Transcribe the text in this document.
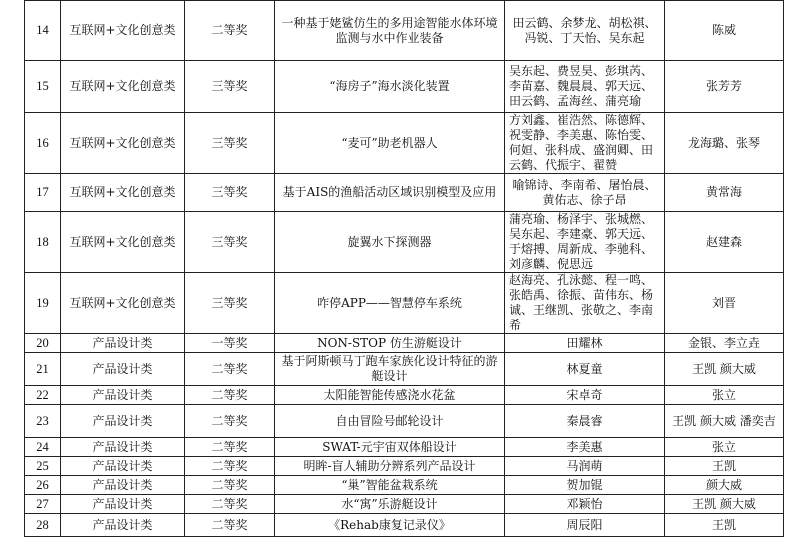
14	互联网+文化创意类	二等奖	一种基于姥鲨仿生的多用途智能水体环境监测与水中作业装备	田云鹤、余梦龙、胡松祺、冯锐、丁天怡、吴东起	陈威
15	互联网+文化创意类	三等奖	“海房子”海水淡化装置	吴东起、费昱昊、彭琪芮、李苗嘉、魏晨晨、郭天远、田云鹤、孟海丝、蒲亮瑜	张芳芳
16	互联网+文化创意类	三等奖	“麦可”助老机器人	方刘鑫、崔浩然、陈德辉、祝雯静、李美惠、陈怡雯、何姮、张科成、盛润卿、田云鹤、代振宇、翟赞	龙海璐、张琴
17	互联网+文化创意类	三等奖	基于AIS的渔船活动区域识别模型及应用	喻锦诗、李南希、屠怡晨、黄佑志、徐子昂	黄常海
18	互联网+文化创意类	三等奖	旋翼水下探测器	蒲亮瑜、杨泽宇、张城燃、吴东起、李建豪、郭天远、于熔搏、周新成、李驰科、刘彦麟、倪思远	赵建森
19	互联网+文化创意类	三等奖	咋停APP——智慧停车系统	赵海亮、孔泳懿、程一鸣、张皓禹、徐振、苗伟东、杨诚、王继凯、张敬之、李南希	刘晋
20	产品设计类	一等奖	NON-STOP 仿生游艇设计	田耀林	金银、李立垚
21	产品设计类	二等奖	基于阿斯顿马丁跑车家族化设计特征的游艇设计	林夏童	王凯 颜大威
22	产品设计类	二等奖	太阳能智能传感浇水花盆	宋卓奇	张立
23	产品设计类	二等奖	自由冒险号邮轮设计	秦晨睿	王凯 颜大威 潘奕吉
24	产品设计类	二等奖	SWAT-元宇宙双体船设计	李美惠	张立
25	产品设计类	二等奖	明眸-盲人辅助分辨系列产品设计	马润萌	王凯
26	产品设计类	二等奖	“巢”智能盆栽系统	贺加锟	颜大威
27	产品设计类	二等奖	水“寓”乐游艇设计	邓颖怡	王凯 颜大威
28	产品设计类	二等奖	《Rehab康复记录仪》	周辰阳	王凯
